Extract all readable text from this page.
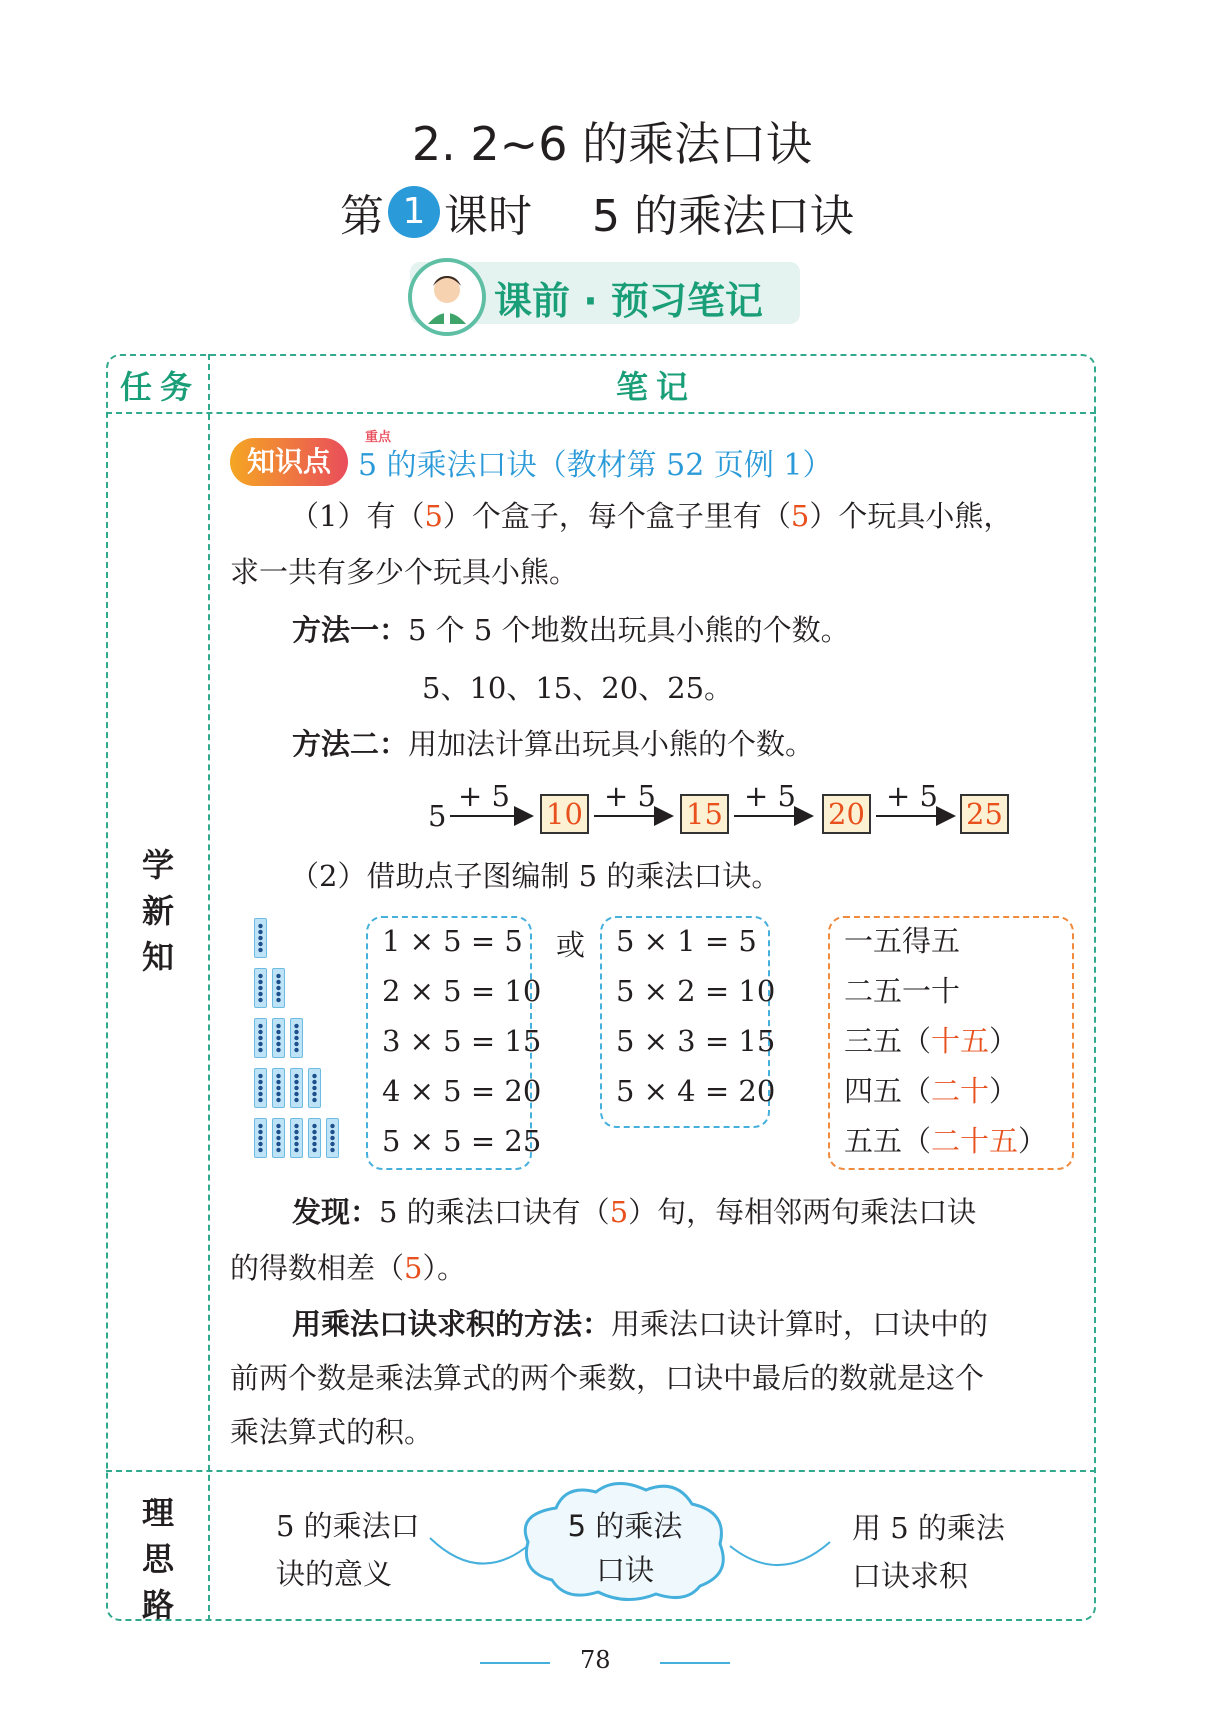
2. 2~6 的乘法口诀
第 1 课时 5 的乘法口诀
课前 · 预习笔记
任务	笔记
学新知
理思路
知识点
重点
5 的乘法口诀（教材第 52 页例 1）
（1）有（5）个盒子，每个盒子里有（5）个玩具小熊，
求一共有多少个玩具小熊。
方法一：5 个 5 个地数出玩具小熊的个数。
5、10、15、20、25。
方法二：用加法计算出玩具小熊的个数。
5
+ 5	+ 5	+ 5	+ 5
10	15	20	25
（2）借助点子图编制 5 的乘法口诀。
1 × 5 = 5
2 × 5 = 10
3 × 5 = 15
4 × 5 = 20
5 × 5 = 25
或 5 × 1 = 5
5 × 2 = 10
5 × 3 = 15
5 × 4 = 20
一五得五
二五一十
三五（十五）
四五（二十）
五五（二十五）
发现：5 的乘法口诀有（5）句，每相邻两句乘法口诀
的得数相差（5）。
用乘法口诀求积的方法：用乘法口诀计算时，口诀中的
前两个数是乘法算式的两个乘数，口诀中最后的数就是这个
乘法算式的积。
5 的乘法口
诀的意义
5 的乘法
口诀
用 5 的乘法
口诀求积
78
